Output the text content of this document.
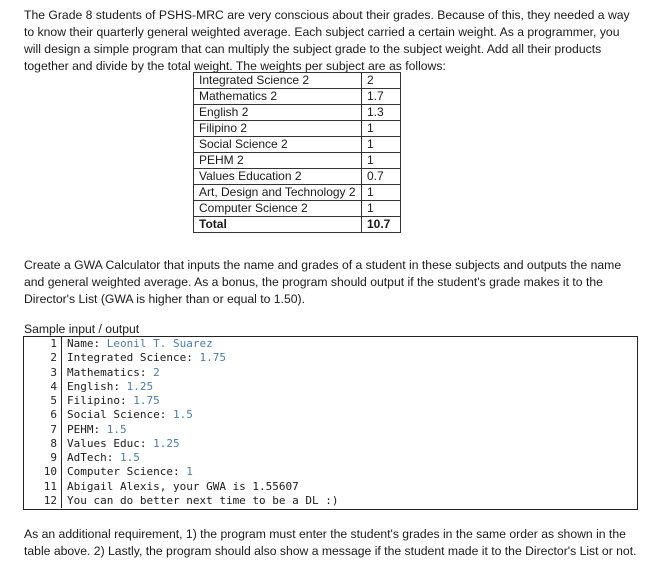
The Grade 8 students of PSHS-MRC are very conscious about their grades. Because of this, they needed a way to know their quarterly general weighted average. Each subject carried a certain weight. As a programmer, you will design a simple program that can multiply the subject grade to the subject weight. Add all their products together and divide by the total weight. The weights per subject are as follows:

Integrated Science 2	2
Mathematics 2	1.7
English 2	1.3
Filipino 2	1
Social Science 2	1
PEHM 2	1
Values Education 2	0.7
Art, Design and Technology 2	1
Computer Science 2	1
Total	10.7

Create a GWA Calculator that inputs the name and grades of a student in these subjects and outputs the name and general weighted average. As a bonus, the program should output if the student's grade makes it to the Director's List (GWA is higher than or equal to 1.50).

Sample input / output
1 Name: Leonil T. Suarez
2 Integrated Science: 1.75
3 Mathematics: 2
4 English: 1.25
5 Filipino: 1.75
6 Social Science: 1.5
7 PEHM: 1.5
8 Values Educ: 1.25
9 AdTech: 1.5
10 Computer Science: 1
11 Abigail Alexis, your GWA is 1.55607
12 You can do better next time to be a DL :)

As an additional requirement, 1) the program must enter the student's grades in the same order as shown in the table above. 2) Lastly, the program should also show a message if the student made it to the Director's List or not.
